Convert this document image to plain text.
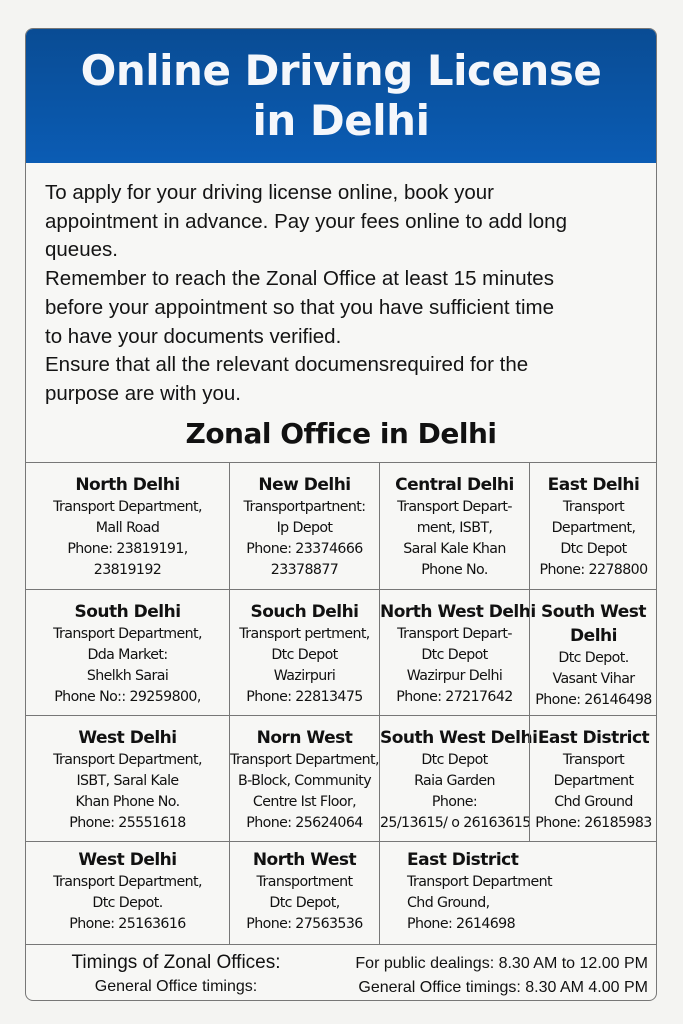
Online Driving License
in Delhi

To apply for your driving license online, book your

appointment in advance. Pay your fees online to add long

queues.

Remember to reach the Zonal Office at least 15 minutes

before your appointment so that you have sufficient time

to have your documents verified.

Ensure that all the relevant documensrequired for the

purpose are with you.

Zonal Office in Delhi
North Delhi
Transport Department,
Mall Road
Phone: 23819191,
23819192
New Delhi
Transportpartnent:
Ip Depot
Phone: 23374666
23378877
Central Delhi
Transport Depart-
ment, ISBT,
Saral Kale Khan
Phone No.
East Delhi
Transport
Department,
Dtc Depot
Phone: 2278800
South Delhi
Transport Department,
Dda Market:
Shelkh Sarai
Phone No:: 29259800,
Souch Delhi
Transport pertment,
Dtc Depot
Wazirpuri
Phone: 22813475
North West Delhi
Transport Depart-
Dtc Depot
Wazirpur Delhi
Phone: 27217642
South West
Delhi
Dtc Depot.
Vasant Vihar
Phone: 26146498
West Delhi
Transport Department,
ISBT, Saral Kale
Khan Phone No.
Phone: 25551618
Norn West
Transport Department,
B-Block, Community
Centre Ist Floor,
Phone: 25624064
South West Delhi
Dtc Depot
Raia Garden
Phone:
25/13615/ o 26163615
East District
Transport
Department
Chd Ground
Phone: 26185983
West Delhi
Transport Department,
Dtc Depot.
Phone: 25163616
North West
Transportment
Dtc Depot,
Phone: 27563536
East District
Transport Department
Chd Ground,
Phone: 2614698
Timings of Zonal Offices:
General Office timings:
For public dealings: 8.30 AM to 12.00 PM
General Office timings: 8.30 AM 4.00 PM
